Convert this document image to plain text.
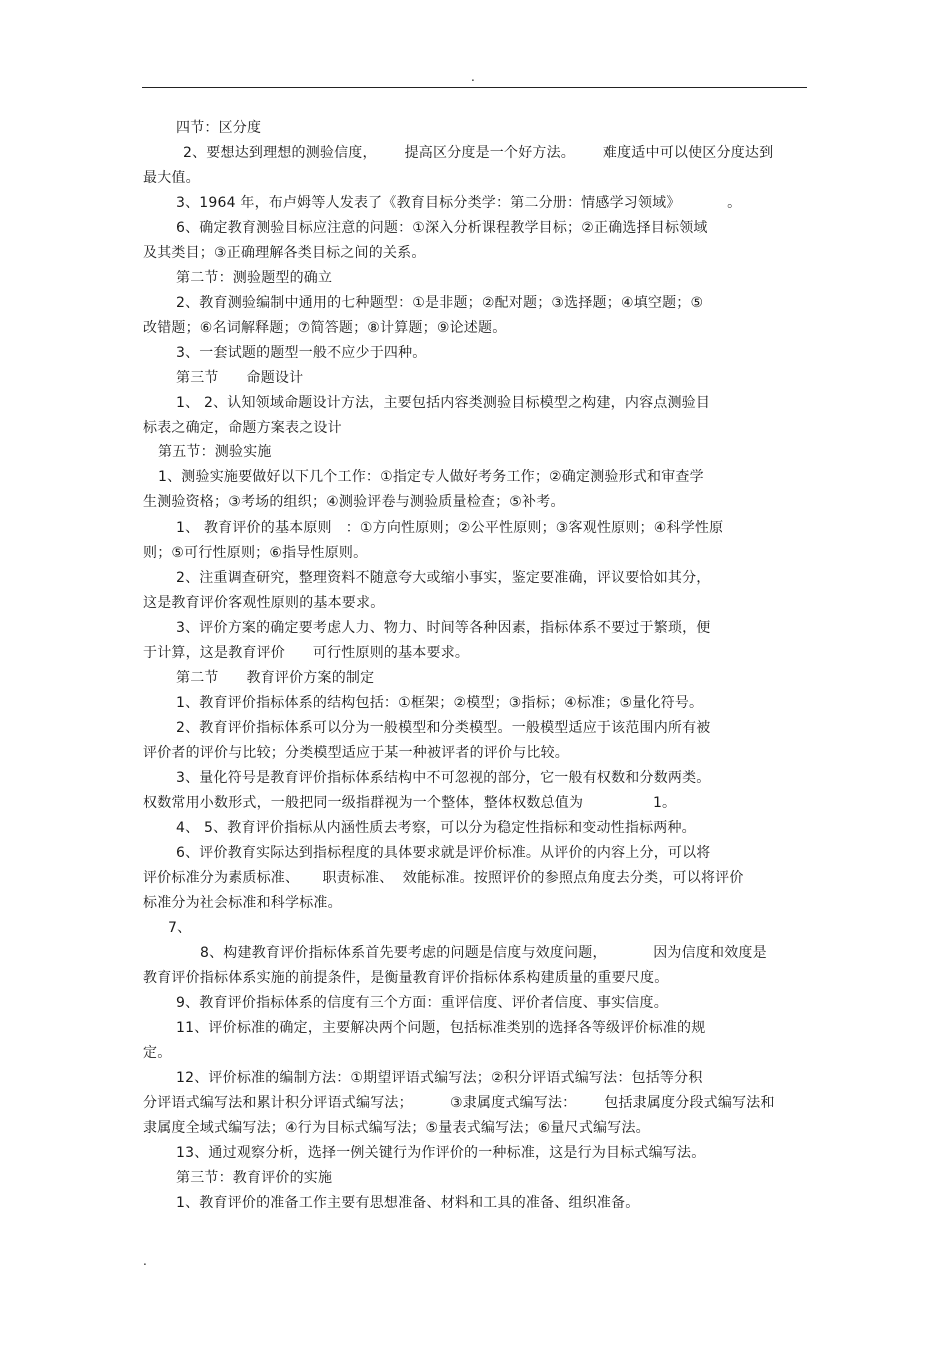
.
四节：区分度
2、要想达到理想的测验信度，      提高区分度是一个好方法。      难度适中可以使区分度达到
最大值。
3、1964 年，布卢姆等人发表了《教育目标分类学：第二分册：情感学习领域》          。
6、确定教育测验目标应注意的问题：①深入分析课程教学目标；②正确选择目标领域
及其类目；③正确理解各类目标之间的关系。
第二节：测验题型的确立
2、教育测验编制中通用的七种题型：①是非题；②配对题；③选择题；④填空题；⑤
改错题；⑥名词解释题；⑦简答题；⑧计算题；⑨论述题。
3、一套试题的题型一般不应少于四种。
第三节      命题设计
1、 2、认知领域命题设计方法，主要包括内容类测验目标模型之构建，内容点测验目
标表之确定，命题方案表之设计
第五节：测验实施
1、测验实施要做好以下几个工作：①指定专人做好考务工作；②确定测验形式和审查学
生测验资格；③考场的组织；④测验评卷与测验质量检查；⑤补考。
1、 教育评价的基本原则   ：①方向性原则；②公平性原则；③客观性原则；④科学性原
则；⑤可行性原则；⑥指导性原则。
2、注重调查研究，整理资料不随意夸大或缩小事实，鉴定要准确，评议要恰如其分，
这是教育评价客观性原则的基本要求。
3、评价方案的确定要考虑人力、物力、时间等各种因素，指标体系不要过于繁琐，便
于计算，这是教育评价      可行性原则的基本要求。
第二节      教育评价方案的制定
1、教育评价指标体系的结构包括：①框架；②模型；③指标；④标准；⑤量化符号。
2、教育评价指标体系可以分为一般模型和分类模型。一般模型适应于该范围内所有被
评价者的评价与比较；分类模型适应于某一种被评者的评价与比较。
3、量化符号是教育评价指标体系结构中不可忽视的部分，它一般有权数和分数两类。
权数常用小数形式，一般把同一级指群视为一个整体，整体权数总值为               1。
4、 5、教育评价指标从内涵性质去考察，可以分为稳定性指标和变动性指标两种。
6、评价教育实际达到指标程度的具体要求就是评价标准。从评价的内容上分，可以将
评价标准分为素质标准、     职责标准、  效能标准。按照评价的参照点角度去分类，可以将评价
标准分为社会标准和科学标准。
7、
8、构建教育评价指标体系首先要考虑的问题是信度与效度问题，          因为信度和效度是
教育评价指标体系实施的前提条件，是衡量教育评价指标体系构建质量的重要尺度。
9、教育评价指标体系的信度有三个方面：重评信度、评价者信度、事实信度。
11、评价标准的确定，主要解决两个问题，包括标准类别的选择各等级评价标准的规
定。
12、评价标准的编制方法：①期望评语式编写法；②积分评语式编写法：包括等分积
分评语式编写法和累计积分评语式编写法；        ③隶属度式编写法：      包括隶属度分段式编写法和
隶属度全域式编写法；④行为目标式编写法；⑤量表式编写法；⑥量尺式编写法。
13、通过观察分析，选择一例关键行为作评价的一种标准，这是行为目标式编写法。
第三节：教育评价的实施
1、教育评价的准备工作主要有思想准备、材料和工具的准备、组织准备。
.
